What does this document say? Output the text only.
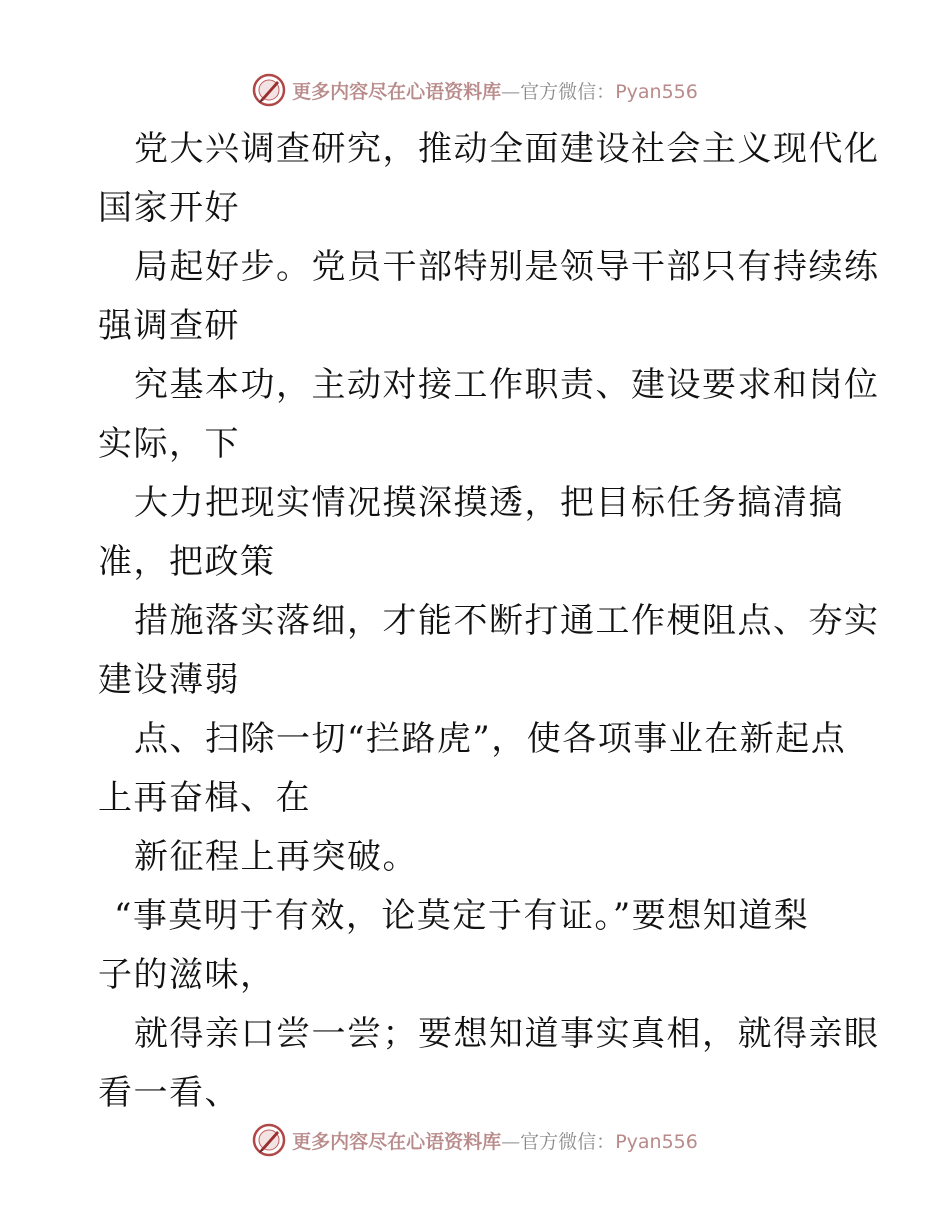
更多内容尽在心语资料库—官方微信：Pyan556
党大兴调查研究，推动全面建设社会主义现代化
国家开好
局起好步。党员干部特别是领导干部只有持续练
强调查研
究基本功，主动对接工作职责、建设要求和岗位
实际，下
大力把现实情况摸深摸透，把目标任务搞清搞
准，把政策
措施落实落细，才能不断打通工作梗阻点、夯实
建设薄弱
点、扫除一切“拦路虎”，使各项事业在新起点
上再奋楫、在
新征程上再突破。
“事莫明于有效，论莫定于有证。”要想知道梨
子的滋味，
就得亲口尝一尝；要想知道事实真相，就得亲眼
看一看、
更多内容尽在心语资料库—官方微信：Pyan556
